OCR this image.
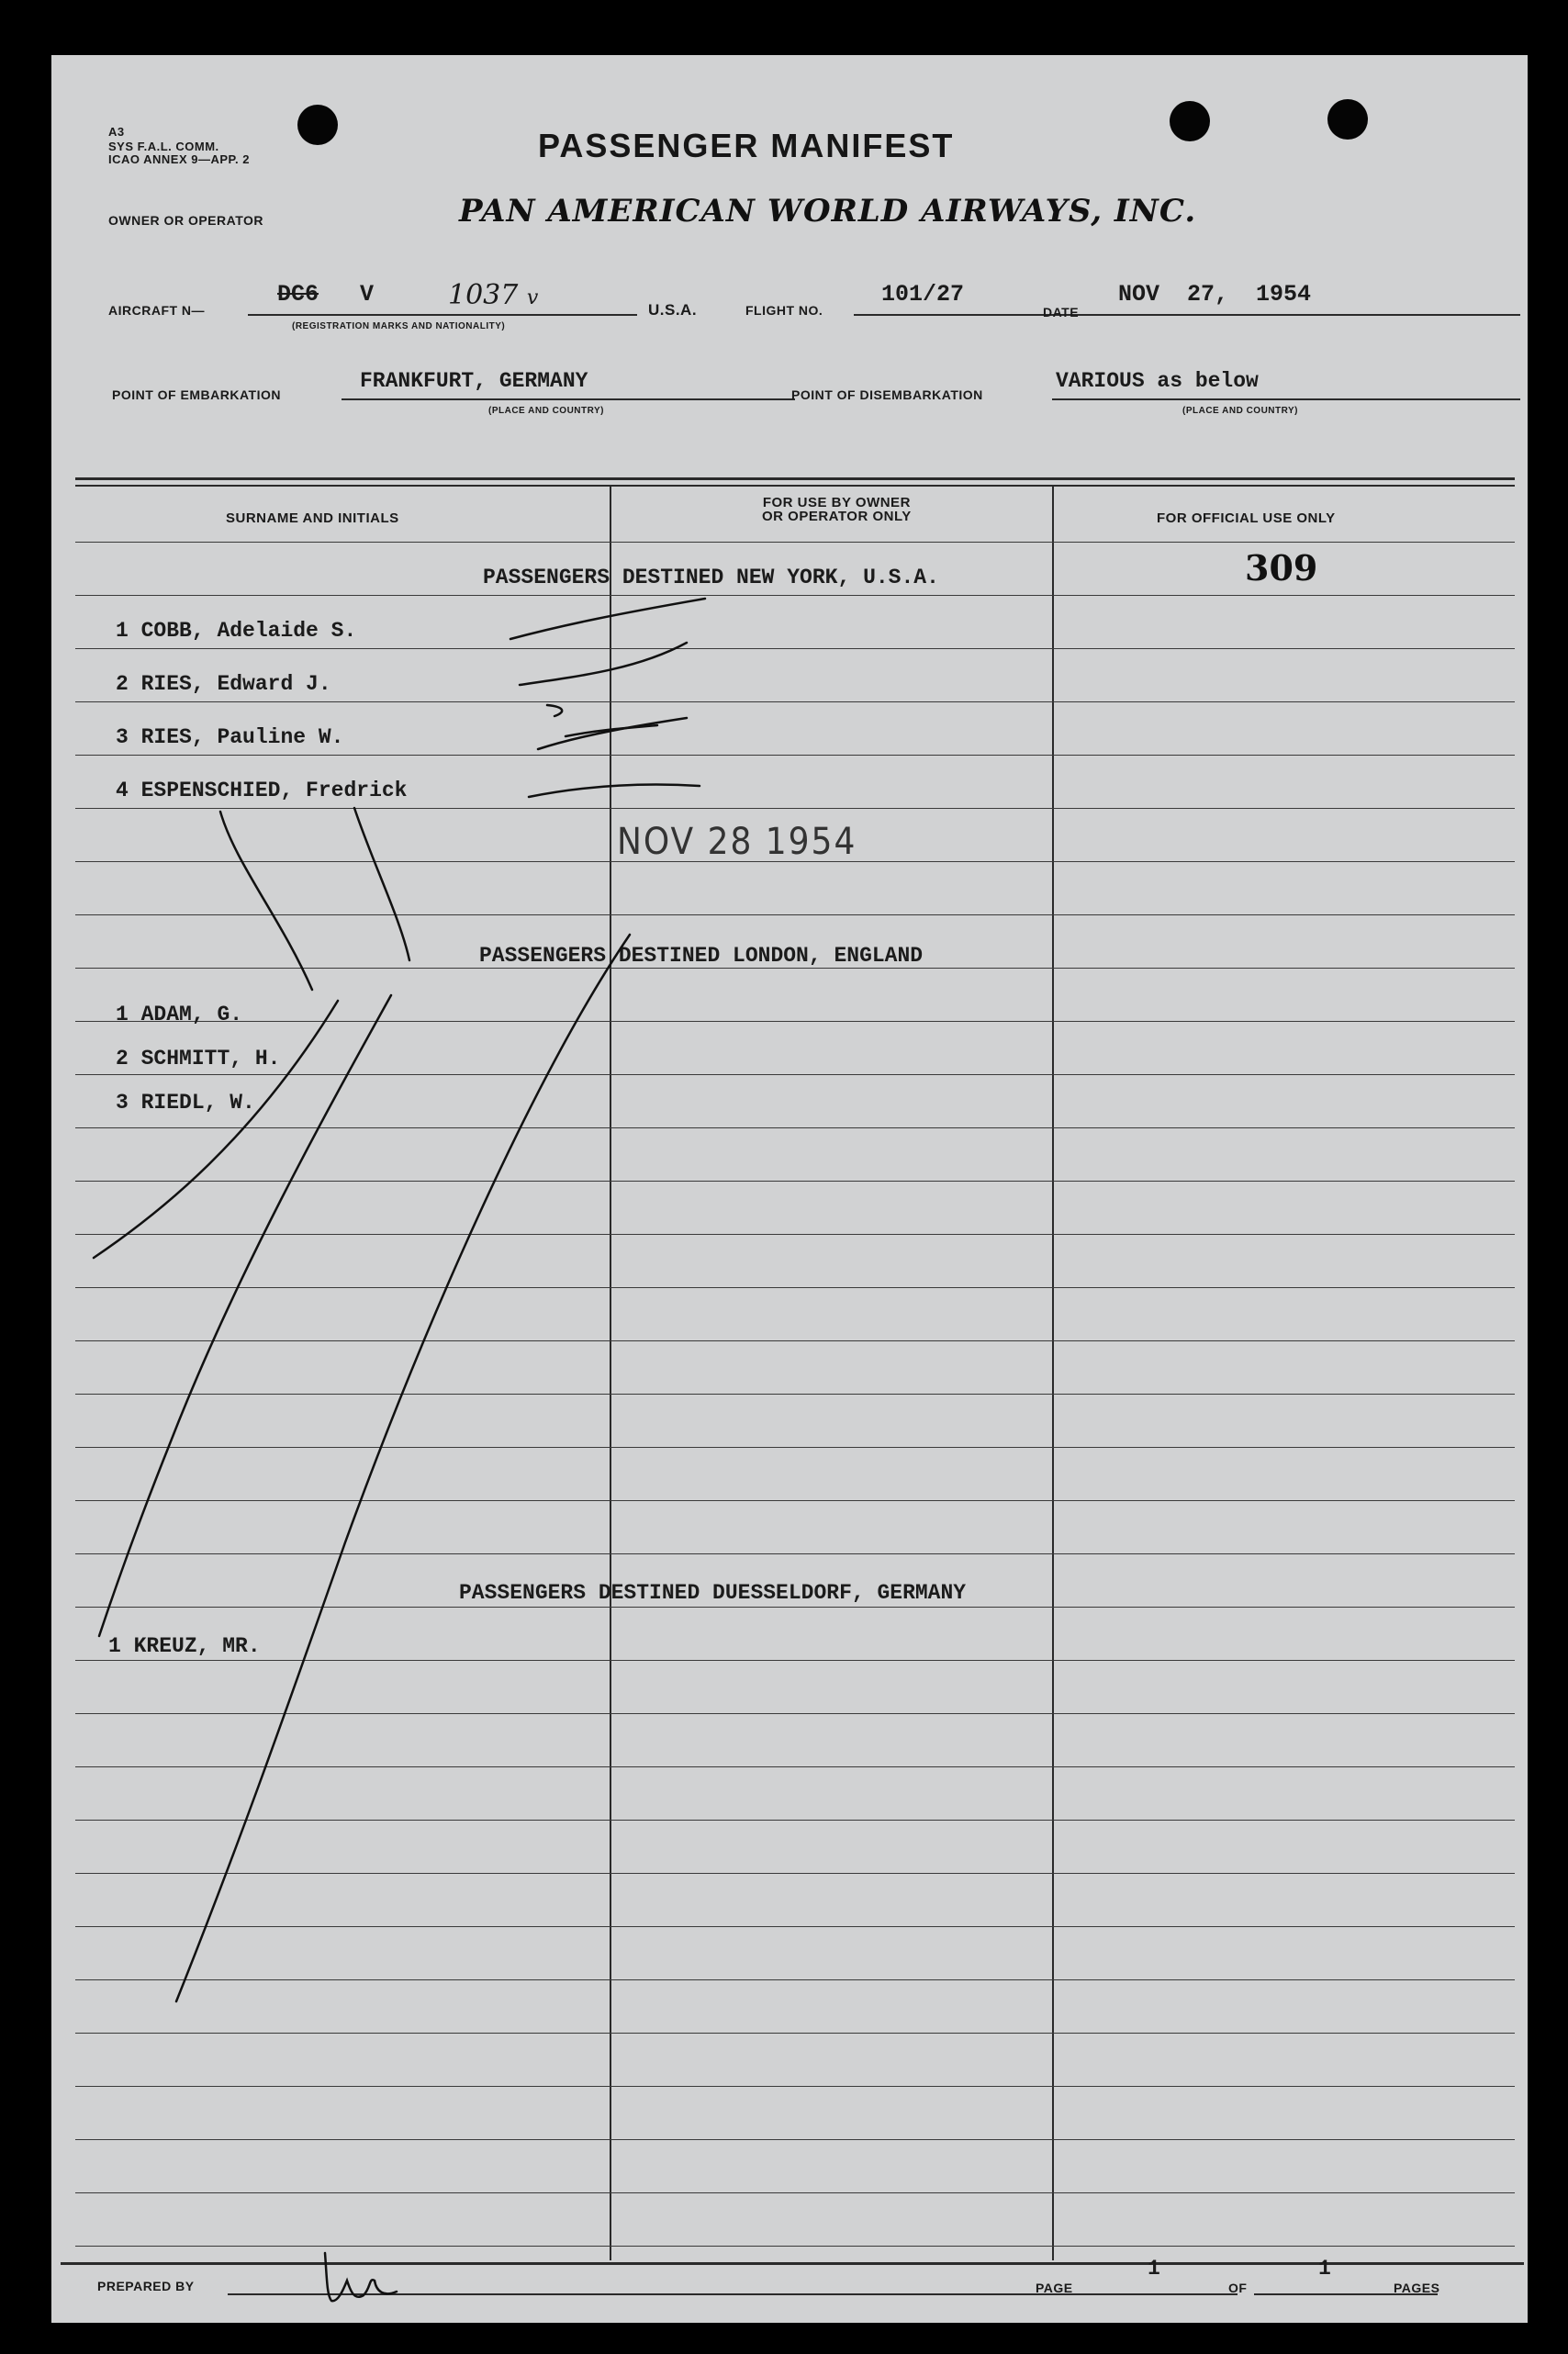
A3
SYS F.A.L. COMM.
ICAO ANNEX 9—APP. 2	PASSENGER MANIFEST
OWNER OR OPERATOR	PAN AMERICAN WORLD AIRWAYS, INC.
AIRCRAFT N—
DC6 V	1037 v
(REGISTRATION MARKS AND NATIONALITY)
U.S.A.	FLIGHT NO.
101/27
DATE
NOV  27,  1954
POINT OF EMBARKATION
FRANKFURT, GERMANY
(PLACE AND COUNTRY)
POINT OF DISEMBARKATION
VARIOUS as below
(PLACE AND COUNTRY)
SURNAME AND INITIALS
FOR USE BY OWNER
OR OPERATOR ONLY	FOR OFFICIAL USE ONLY
309
PASSENGERS DESTINED NEW YORK, U.S.A.
1 COBB, Adelaide S.
2 RIES, Edward J.
3 RIES, Pauline W.
4 ESPENSCHIED, Fredrick
NOV 28 1954
PASSENGERS DESTINED LONDON, ENGLAND
1 ADAM, G.
2 SCHMITT, H.
3 RIEDL, W.
PASSENGERS DESTINED DUESSELDORF, GERMANY
1 KREUZ, MR.
PREPARED BY	PAGE
1
OF
1
PAGES
